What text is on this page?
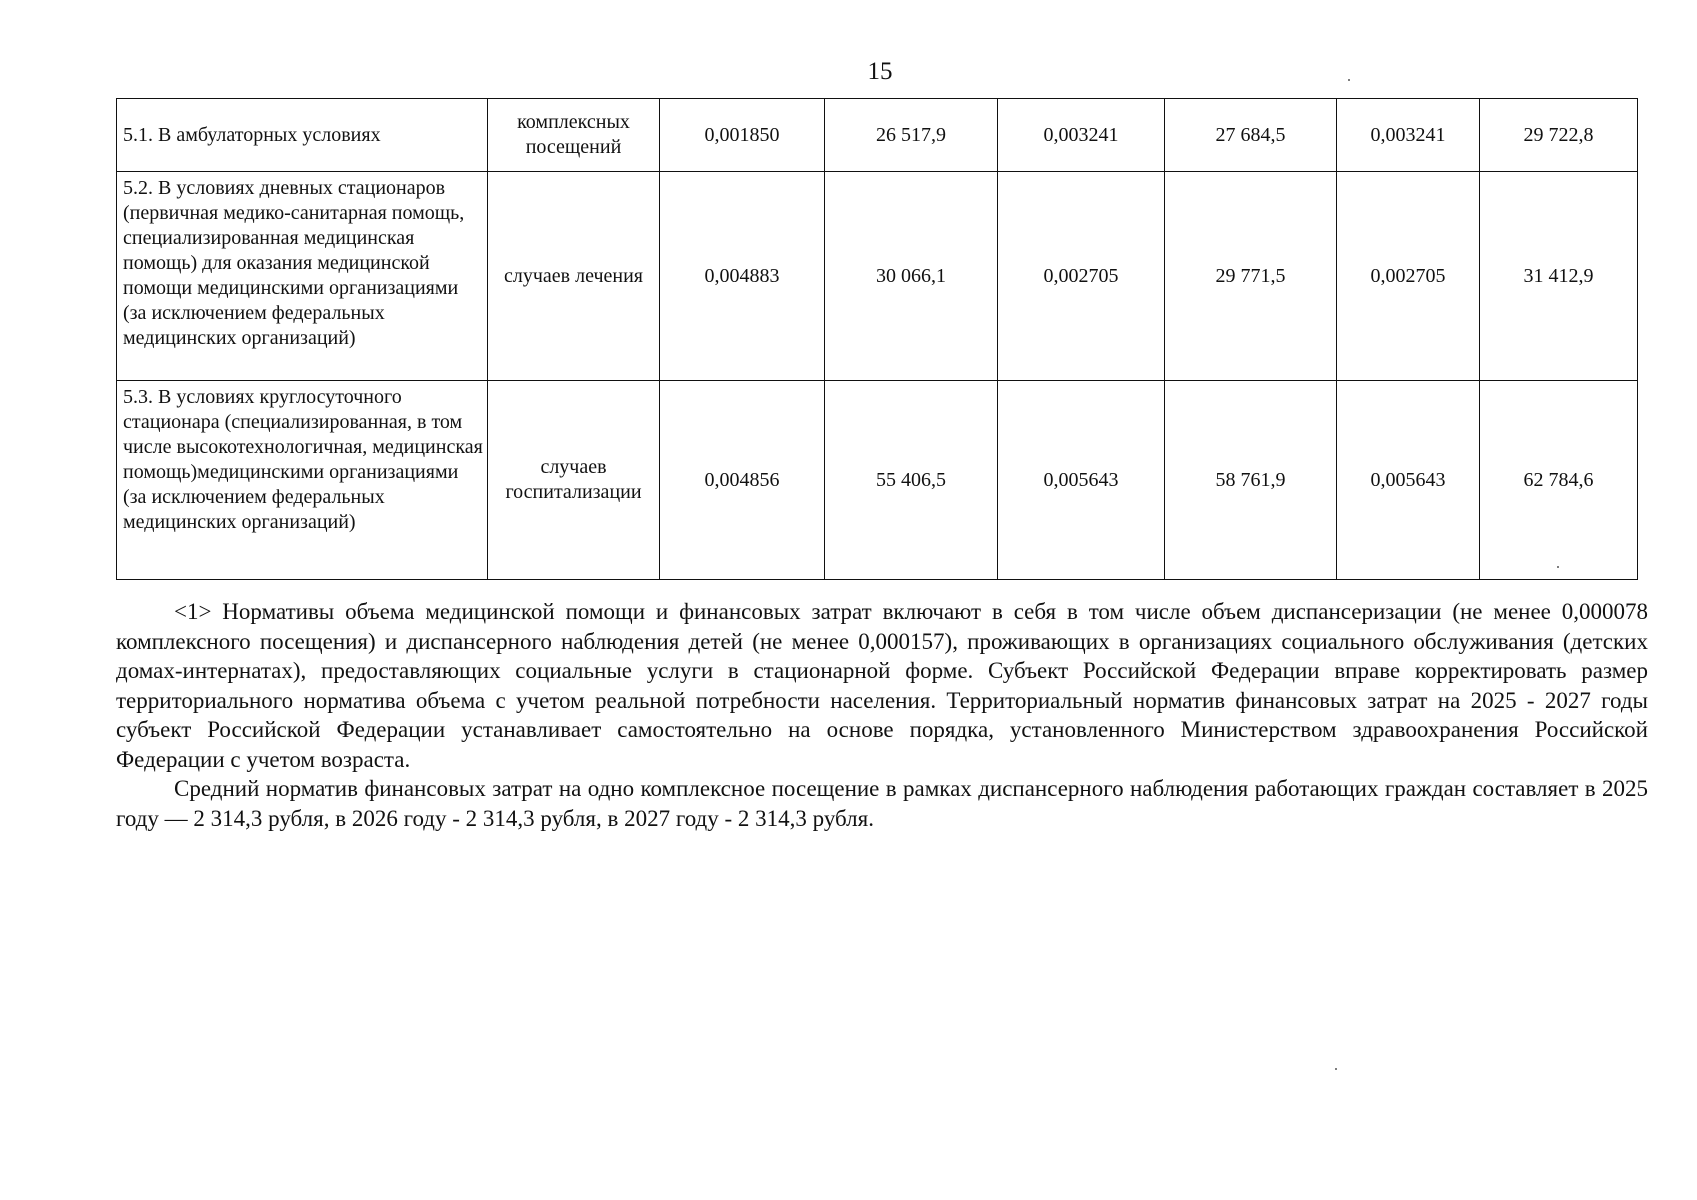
15
5.1. В амбулаторных условиях	комплексных посещений	0,001850	26 517,9	0,003241	27 684,5	0,003241	29 722,8
5.2. В условиях дневных стационаров (первичная медико-санитарная помощь, специализированная медицинская помощь) для оказания медицинской помощи медицинскими организациями (за исключением федеральных медицинских организаций)	случаев лечения	0,004883	30 066,1	0,002705	29 771,5	0,002705	31 412,9
5.3. В условиях круглосуточного стационара (специализированная, в том числе высокотехнологичная, медицинская помощь)медицинскими организациями (за исключением федеральных медицинских организаций)	случаев госпитализации	0,004856	55 406,5	0,005643	58 761,9	0,005643	62 784,6

<1> Нормативы объема медицинской помощи и финансовых затрат включают в себя в том числе объем диспансеризации (не менее 0,000078 комплексного посещения) и диспансерного наблюдения детей (не менее 0,000157), проживающих в организациях социального обслуживания (детских домах-интернатах), предоставляющих социальные услуги в стационарной форме. Субъект Российской Федерации вправе корректировать размер территориального норматива объема с учетом реальной потребности населения. Территориальный норматив финансовых затрат на 2025 - 2027 годы субъект Российской Федерации устанавливает самостоятельно на основе порядка, установленного Министерством здравоохранения Российской Федерации с учетом возраста.

Средний норматив финансовых затрат на одно комплексное посещение в рамках диспансерного наблюдения работающих граждан составляет в 2025 году — 2 314,3 рубля, в 2026 году - 2 314,3 рубля, в 2027 году - 2 314,3 рубля.
